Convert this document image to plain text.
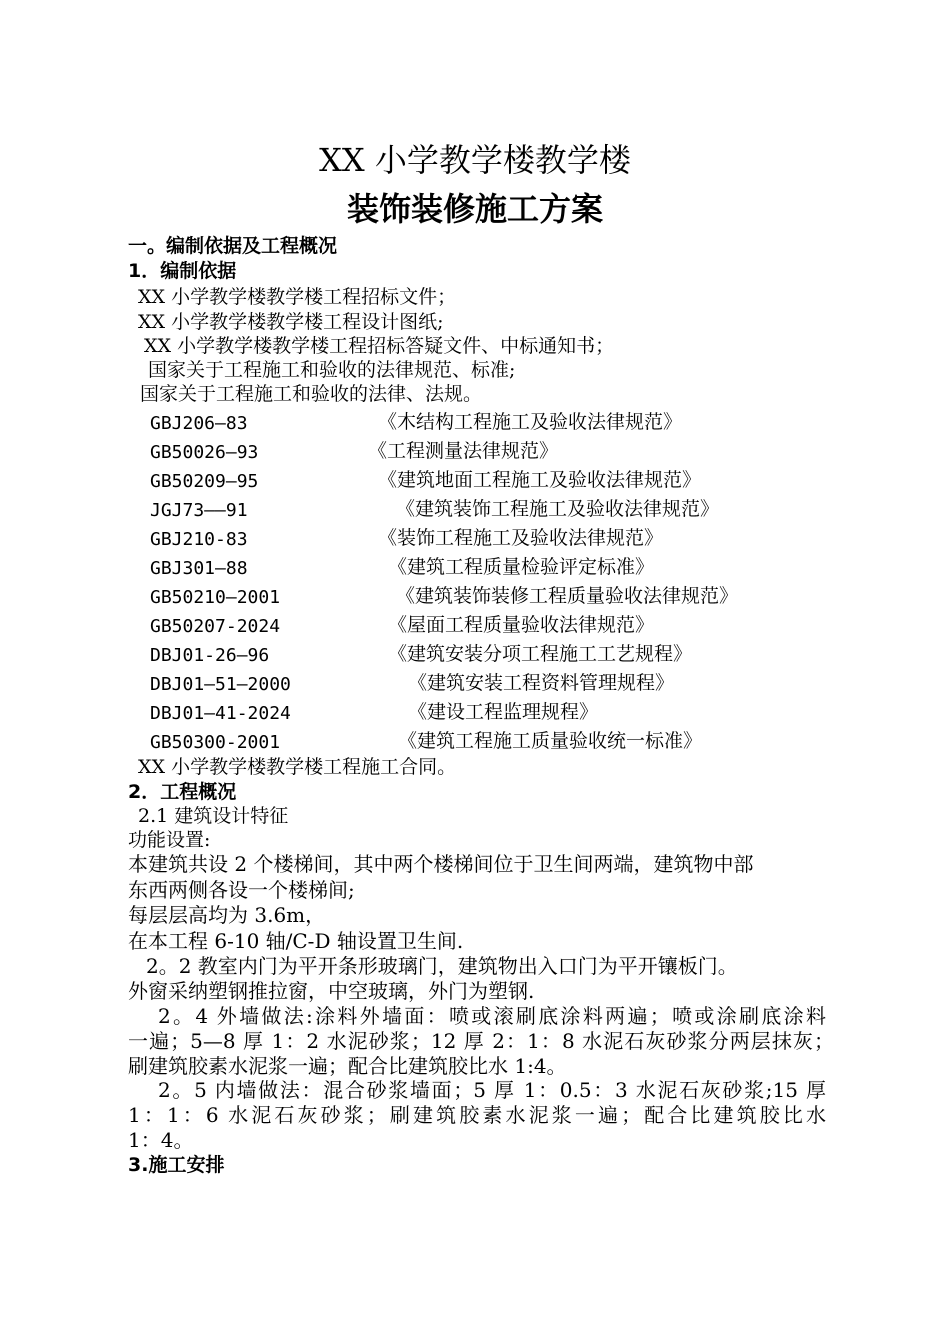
XX 小学教学楼教学楼
装饰装修施工方案
一。编制依据及工程概况
1．编制依据
XX 小学教学楼教学楼工程招标文件；
XX 小学教学楼教学楼工程设计图纸;
XX 小学教学楼教学楼工程招标答疑文件、中标通知书；
国家关于工程施工和验收的法律规范、标准;
国家关于工程施工和验收的法律、法规。
GBJ206—83	《木结构工程施工及验收法律规范》
GB50026—93	《工程测量法律规范》
GB50209—95	《建筑地面工程施工及验收法律规范》
JGJ73——91	《建筑装饰工程施工及验收法律规范》
GBJ210-83	《装饰工程施工及验收法律规范》
GBJ301—88	《建筑工程质量检验评定标准》
GB50210—2001	《建筑装饰装修工程质量验收法律规范》
GB50207-2024	《屋面工程质量验收法律规范》
DBJ01-26—96	《建筑安装分项工程施工工艺规程》
DBJ01—51—2000	《建筑安装工程资料管理规程》
DBJ01—41-2024	《建设工程监理规程》
GB50300-2001	《建筑工程施工质量验收统一标准》
XX 小学教学楼教学楼工程施工合同。
2．工程概况
2.1 建筑设计特征
功能设置:
本建筑共设 2 个楼梯间，其中两个楼梯间位于卫生间两端，建筑物中部
东西两侧各设一个楼梯间;
每层层高均为 3.6m，
在本工程 6-10 轴/C-D 轴设置卫生间.
2。2 教室内门为平开条形玻璃门，建筑物出入口门为平开镶板门。
外窗采纳塑钢推拉窗，中空玻璃，外门为塑钢.
2。4 外墙做法:涂料外墙面：喷或滚刷底涂料两遍；喷或涂刷底涂料
一遍；5—8 厚 1：2 水泥砂浆；12 厚 2：1：8 水泥石灰砂浆分两层抹灰；
刷建筑胶素水泥浆一遍；配合比建筑胶比水 1:4。
2。5 内墙做法：混合砂浆墙面；5 厚 1：0.5：3 水泥石灰砂浆;15 厚
1：1：6 水泥石灰砂浆；刷建筑胶素水泥浆一遍；配合比建筑胶比水
1：4。
3.施工安排
